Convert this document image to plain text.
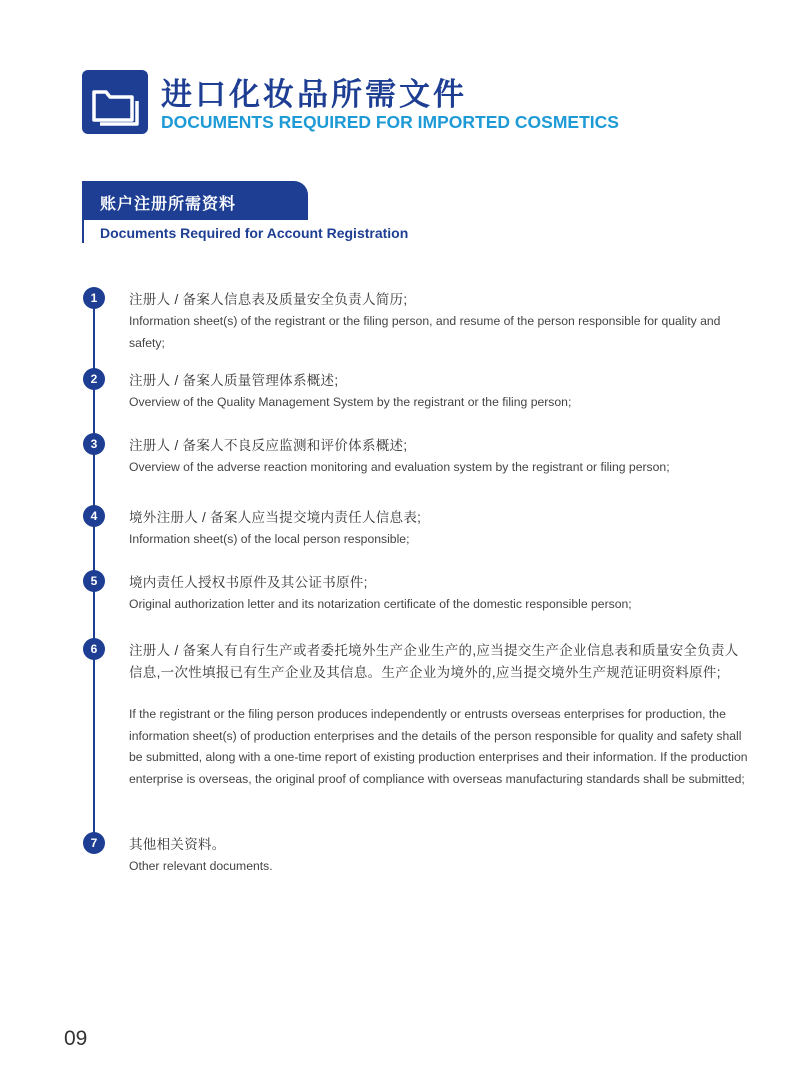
进口化妆品所需文件
DOCUMENTS REQUIRED FOR IMPORTED COSMETICS

账户注册所需资料

Documents Required for Account Registration

1	注册人 / 备案人信息表及质量安全负责人简历;

Information sheet(s) of the registrant or the filing person, and resume of the person responsible for quality and safety;

2	注册人 / 备案人质量管理体系概述;

Overview of the Quality Management System by the registrant or the filing person;

3	注册人 / 备案人不良反应监测和评价体系概述;

Overview of the adverse reaction monitoring and evaluation system by the registrant or filing person;

4	境外注册人 / 备案人应当提交境内责任人信息表;

Information sheet(s) of the local person responsible;

5	境内责任人授权书原件及其公证书原件;

Original authorization letter and its notarization certificate of the domestic responsible person;

6	注册人 / 备案人有自行生产或者委托境外生产企业生产的,应当提交生产企业信息表和质量安全负责人信息,一次性填报已有生产企业及其信息。生产企业为境外的,应当提交境外生产规范证明资料原件;

If the registrant or the filing person produces independently or entrusts overseas enterprises for production, the information sheet(s) of production enterprises and the details of the person responsible for quality and safety shall be submitted, along with a one-time report of existing production enterprises and their information. If the production enterprise is overseas, the original proof of compliance with overseas manufacturing standards shall be submitted;

7	其他相关资料。

Other relevant documents.

09
